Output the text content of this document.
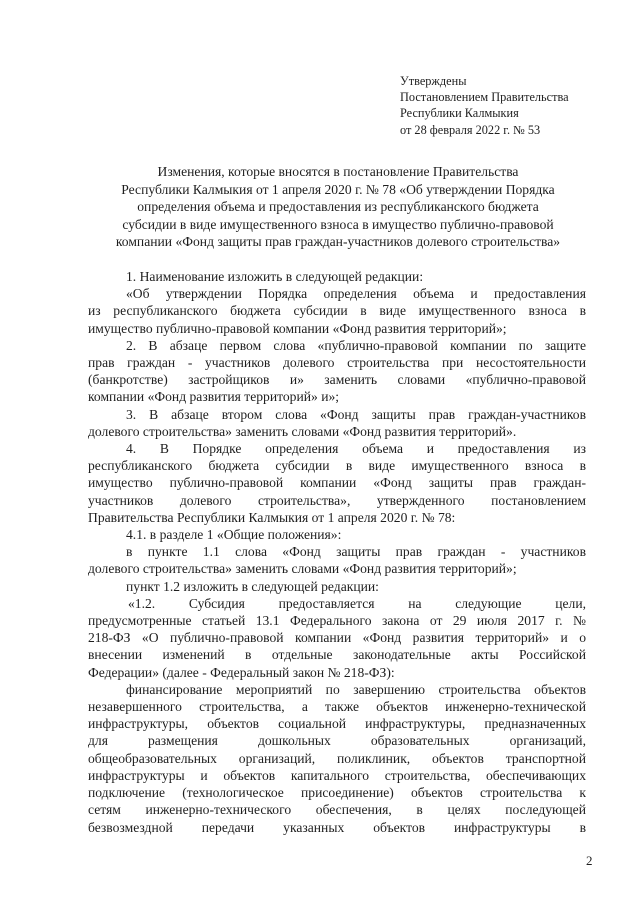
Утверждены
Постановлением Правительства
Республики Калмыкия
от 28 февраля 2022 г. № 53
Изменения, которые вносятся в постановление Правительства
Республики Калмыкия от 1 апреля 2020 г. № 78 «Об утверждении Порядка
определения объема и предоставления из республиканского бюджета
субсидии в виде имущественного взноса в имущество публично-правовой
компании «Фонд защиты прав граждан-участников долевого строительства»

1. Наименование изложить в следующей редакции:

«Об утверждении Порядка определения объема и предоставления

из республиканского бюджета субсидии в виде имущественного взноса в

имущество публично-правовой компании «Фонд развития территорий»;

2. В абзаце первом слова «публично-правовой компании по защите

прав граждан - участников долевого строительства при несостоятельности

(банкротстве) застройщиков и» заменить словами «публично-правовой

компании «Фонд развития территорий» и»;

3. В абзаце втором слова «Фонд защиты прав граждан-участников

долевого строительства» заменить словами «Фонд развития территорий».

4. В Порядке определения объема и предоставления из

республиканского бюджета субсидии в виде имущественного взноса в

имущество публично-правовой компании «Фонд защиты прав граждан-

участников долевого строительства», утвержденного постановлением

Правительства Республики Калмыкия от 1 апреля 2020 г. № 78:

4.1. в разделе 1 «Общие положения»:

в пункте 1.1 слова «Фонд защиты прав граждан - участников

долевого строительства» заменить словами «Фонд развития территорий»;

пункт 1.2 изложить в следующей редакции:

«1.2. Субсидия предоставляется на следующие цели,

предусмотренные статьей 13.1 Федерального закона от 29 июля 2017 г. №

218-ФЗ «О публично-правовой компании «Фонд развития территорий» и о

внесении изменений в отдельные законодательные акты Российской

Федерации» (далее - Федеральный закон № 218-ФЗ):

финансирование мероприятий по завершению строительства объектов

незавершенного строительства, а также объектов инженерно-технической

инфраструктуры, объектов социальной инфраструктуры, предназначенных

для размещения дошкольных образовательных организаций,

общеобразовательных организаций, поликлиник, объектов транспортной

инфраструктуры и объектов капитального строительства, обеспечивающих

подключение (технологическое присоединение) объектов строительства к

сетям инженерно-технического обеспечения, в целях последующей

безвозмездной передачи указанных объектов инфраструктуры в

2
